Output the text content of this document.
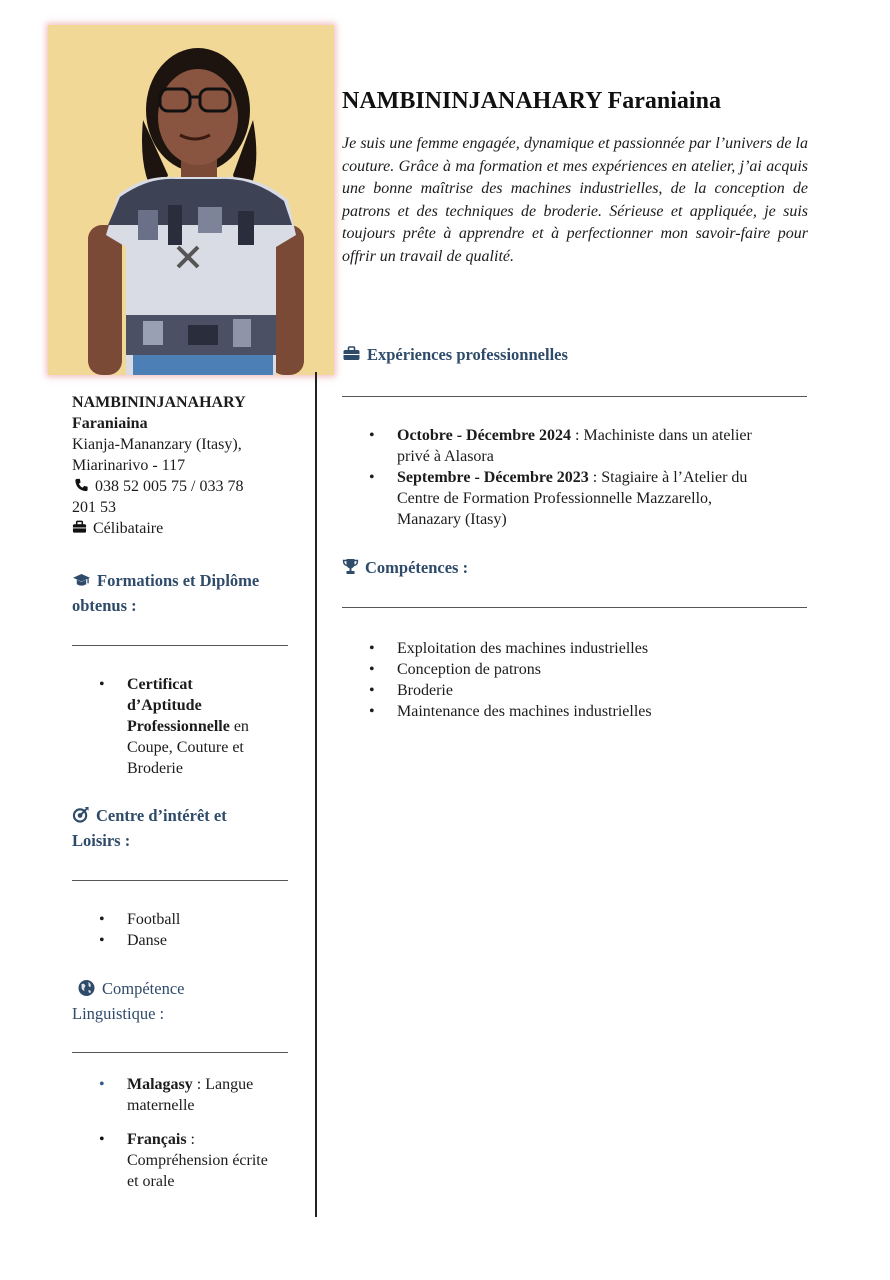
NAMBININJANAHARY
Faraniaina
Kianja-Mananzary (Itasy),
Miarinarivo - 117
038 52 005 75 / 033 78
201 53
Célibataire
Formations et Diplôme
obtenus :
• Certificat
d’Aptitude
Professionnelle en
Coupe, Couture et
Broderie
Centre d’intérêt et
Loisirs :
• Football
• Danse
Compétence
Linguistique :
• Malagasy : Langue
maternelle
• Français :
Compréhension écrite
et orale
NAMBININJANAHARY Faraniaina
Je suis une femme engagée, dynamique et passionnée par l’univers de la couture. Grâce à ma formation et mes expériences en atelier, j’ai acquis une bonne maîtrise des machines industrielles, de la conception de patrons et des techniques de broderie. Sérieuse et appliquée, je suis toujours prête à apprendre et à perfectionner mon savoir-faire pour offrir un travail de qualité.
Expériences professionnelles
• Octobre - Décembre 2024 : Machiniste dans un atelier
privé à Alasora
• Septembre - Décembre 2023 : Stagiaire à l’Atelier du
Centre de Formation Professionnelle Mazzarello,
Manazary (Itasy)
Compétences :
• Exploitation des machines industrielles
• Conception de patrons
• Broderie
• Maintenance des machines industrielles
